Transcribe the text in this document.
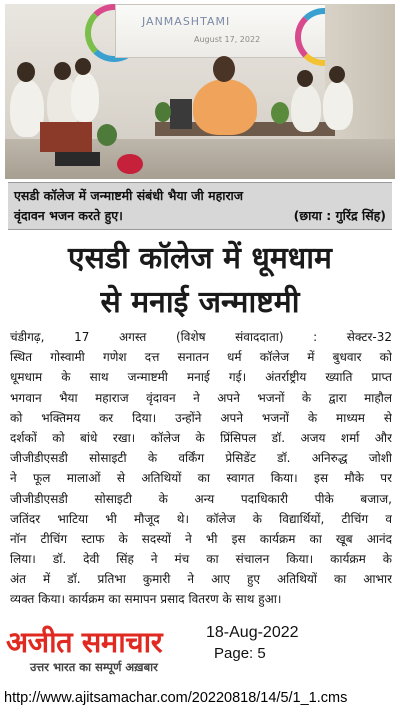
JANMASHTAMI
August 17, 2022
एसडी कॉलेज में जन्माष्टमी संबंधी भैया जी महाराज
वृंदावन भजन करते हुए।	(छाया : गुरिंद्र सिंह)
एसडी कॉलेज में धूमधाम
से मनाई जन्माष्टमी
चंडीगढ़, 17 अगस्त (विशेष संवाददाता) : सेक्टर-32
स्थित गोस्वामी गणेश दत्त सनातन धर्म कॉलेज में बुधवार को
धूमधाम के साथ जन्माष्टमी मनाई गई। अंतर्राष्ट्रीय ख्याति प्राप्त
भगवान भैया महाराज वृंदावन ने अपने भजनों के द्वारा माहौल
को भक्तिमय कर दिया। उन्होंने अपने भजनों के माध्यम से
दर्शकों को बांधे रखा। कॉलेज के प्रिंसिपल डॉ. अजय शर्मा और
जीजीडीएसडी सोसाइटी के वर्किंग प्रेसिडेंट डॉ. अनिरुद्ध जोशी
ने फूल मालाओं से अतिथियों का स्वागत किया। इस मौके पर
जीजीडीएसडी सोसाइटी के अन्य पदाधिकारी पीके बजाज,
जतिंदर भाटिया भी मौजूद थे। कॉलेज के विद्यार्थियों, टीचिंग व
नॉन टीचिंग स्टाफ के सदस्यों ने भी इस कार्यक्रम का खूब आनंद
लिया। डॉ. देवी सिंह ने मंच का संचालन किया। कार्यक्रम के
अंत में डॉ. प्रतिभा कुमारी ने आए हुए अतिथियों का आभार
व्यक्त किया। कार्यक्रम का समापन प्रसाद वितरण के साथ हुआ।
अजीत समाचार
उत्तर भारत का सम्पूर्ण अख़बार
18-Aug-2022
Page: 5
http://www.ajitsamachar.com/20220818/14/5/1_1.cms
